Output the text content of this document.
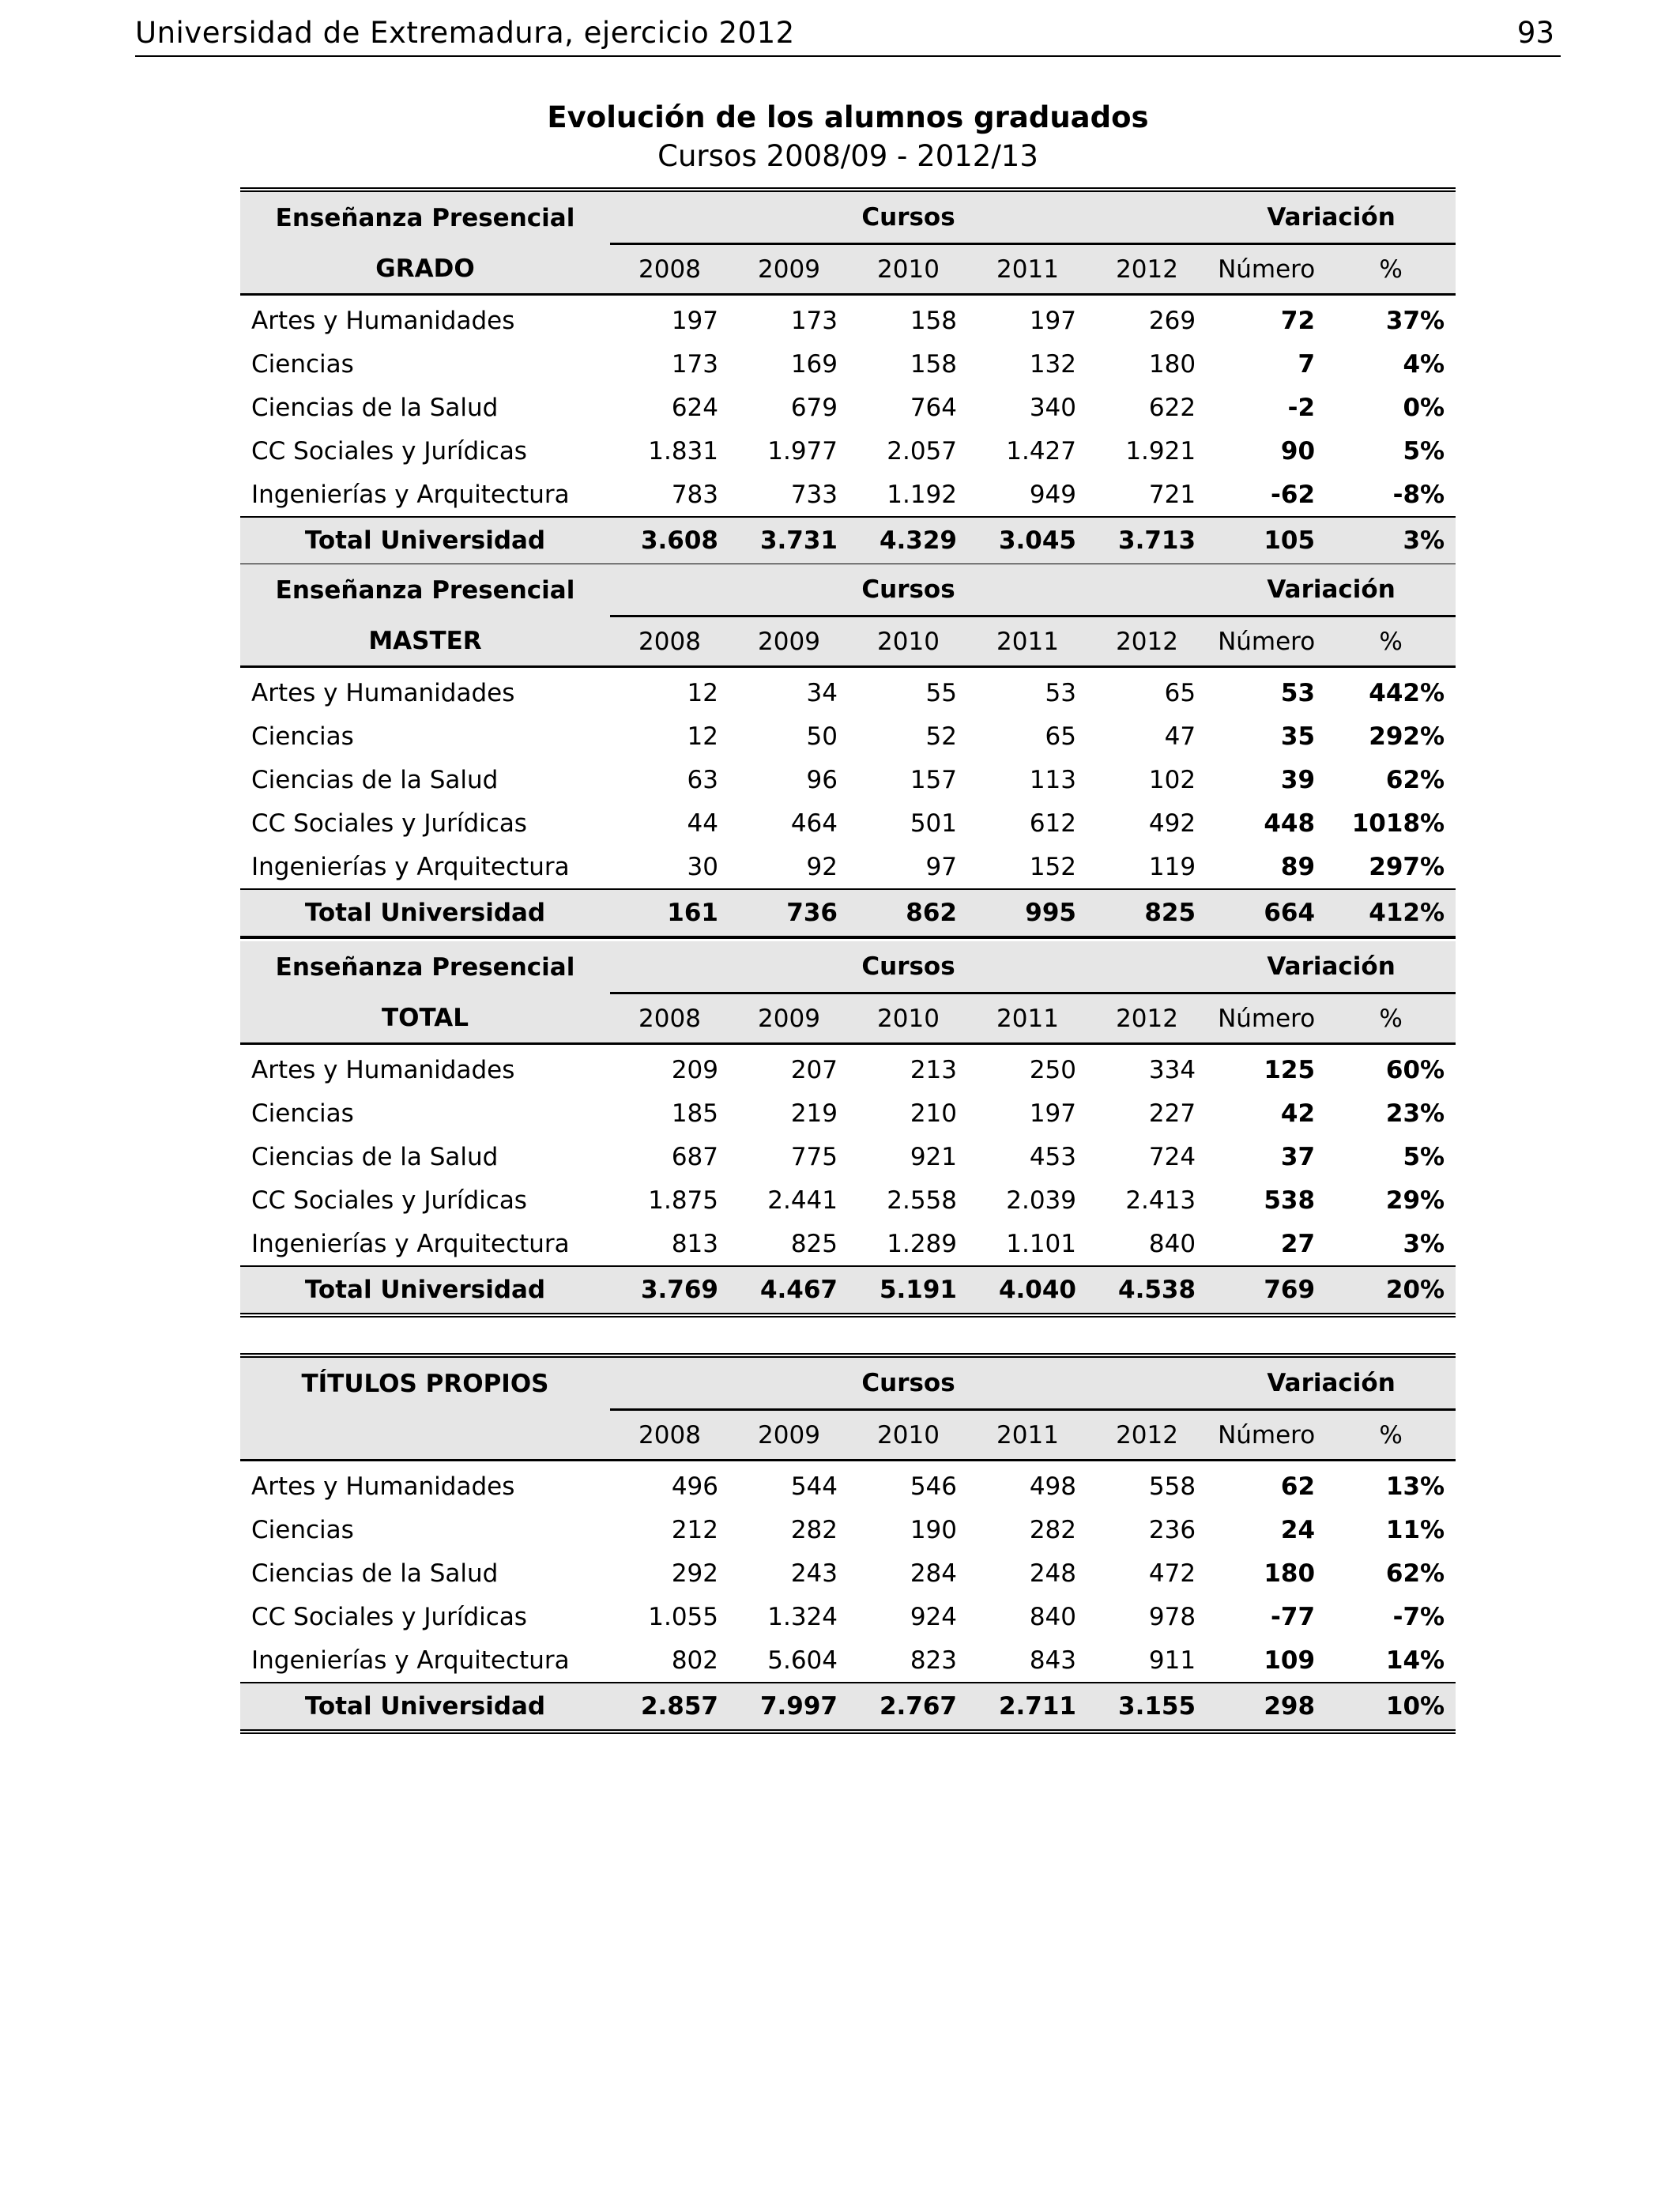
Universidad de Extremadura, ejercicio 2012	93
Evolución de los alumnos graduados
Cursos 2008/09 - 2012/13
Enseñanza Presencial	Cursos					Variación	
GRADO	2008	2009	2010	2011	2012	Número	%
Artes y Humanidades	197	173	158	197	269	72	37%
Ciencias	173	169	158	132	180	7	4%
Ciencias de la Salud	624	679	764	340	622	-2	0%
CC Sociales y Jurídicas	1.831	1.977	2.057	1.427	1.921	90	5%
Ingenierías y Arquitectura	783	733	1.192	949	721	-62	-8%
Total Universidad	3.608	3.731	4.329	3.045	3.713	105	3%
Enseñanza Presencial	Cursos					Variación	
MASTER	2008	2009	2010	2011	2012	Número	%
Artes y Humanidades	12	34	55	53	65	53	442%
Ciencias	12	50	52	65	47	35	292%
Ciencias de la Salud	63	96	157	113	102	39	62%
CC Sociales y Jurídicas	44	464	501	612	492	448	1018%
Ingenierías y Arquitectura	30	92	97	152	119	89	297%
Total Universidad	161	736	862	995	825	664	412%
Enseñanza Presencial	Cursos					Variación	
TOTAL	2008	2009	2010	2011	2012	Número	%
Artes y Humanidades	209	207	213	250	334	125	60%
Ciencias	185	219	210	197	227	42	23%
Ciencias de la Salud	687	775	921	453	724	37	5%
CC Sociales y Jurídicas	1.875	2.441	2.558	2.039	2.413	538	29%
Ingenierías y Arquitectura	813	825	1.289	1.101	840	27	3%
Total Universidad	3.769	4.467	5.191	4.040	4.538	769	20%
TÍTULOS PROPIOS	Cursos					Variación	
	2008	2009	2010	2011	2012	Número	%
Artes y Humanidades	496	544	546	498	558	62	13%
Ciencias	212	282	190	282	236	24	11%
Ciencias de la Salud	292	243	284	248	472	180	62%
CC Sociales y Jurídicas	1.055	1.324	924	840	978	-77	-7%
Ingenierías y Arquitectura	802	5.604	823	843	911	109	14%
Total Universidad	2.857	7.997	2.767	2.711	3.155	298	10%
